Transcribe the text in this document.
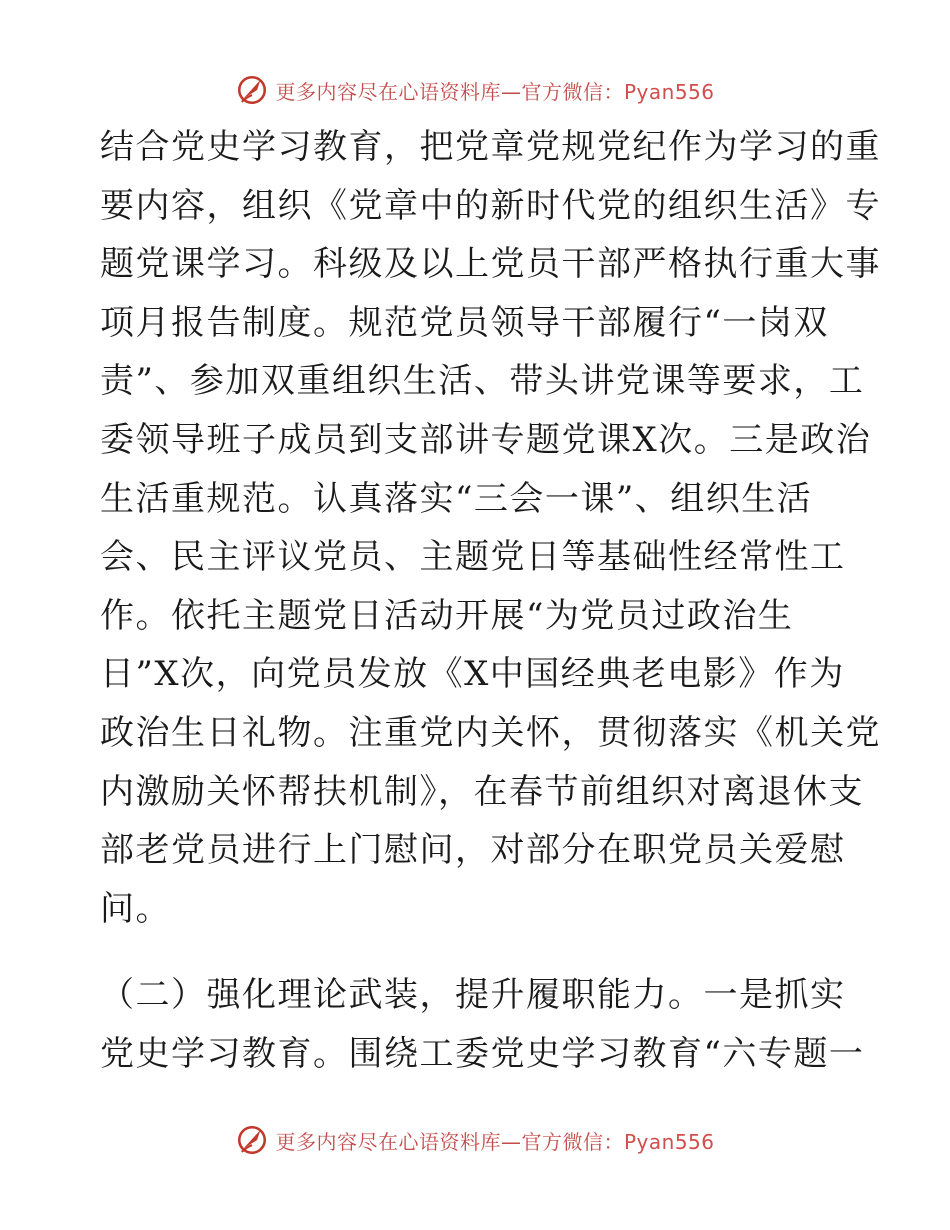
更多内容尽在心语资料库—官方微信：Pyan556
结合党史学习教育，把党章党规党纪作为学习的重
要内容，组织《党章中的新时代党的组织生活》专
题党课学习。科级及以上党员干部严格执行重大事
项月报告制度。规范党员领导干部履行“一岗双
责”、参加双重组织生活、带头讲党课等要求，工
委领导班子成员到支部讲专题党课X次。三是政治
生活重规范。认真落实“三会一课”、组织生活
会、民主评议党员、主题党日等基础性经常性工
作。依托主题党日活动开展“为党员过政治生
日”X次，向党员发放《X中国经典老电影》作为
政治生日礼物。注重党内关怀，贯彻落实《机关党
内激励关怀帮扶机制》，在春节前组织对离退休支
部老党员进行上门慰问，对部分在职党员关爱慰
问。
（二）强化理论武装，提升履职能力。一是抓实
党史学习教育。围绕工委党史学习教育“六专题一
更多内容尽在心语资料库—官方微信：Pyan556
